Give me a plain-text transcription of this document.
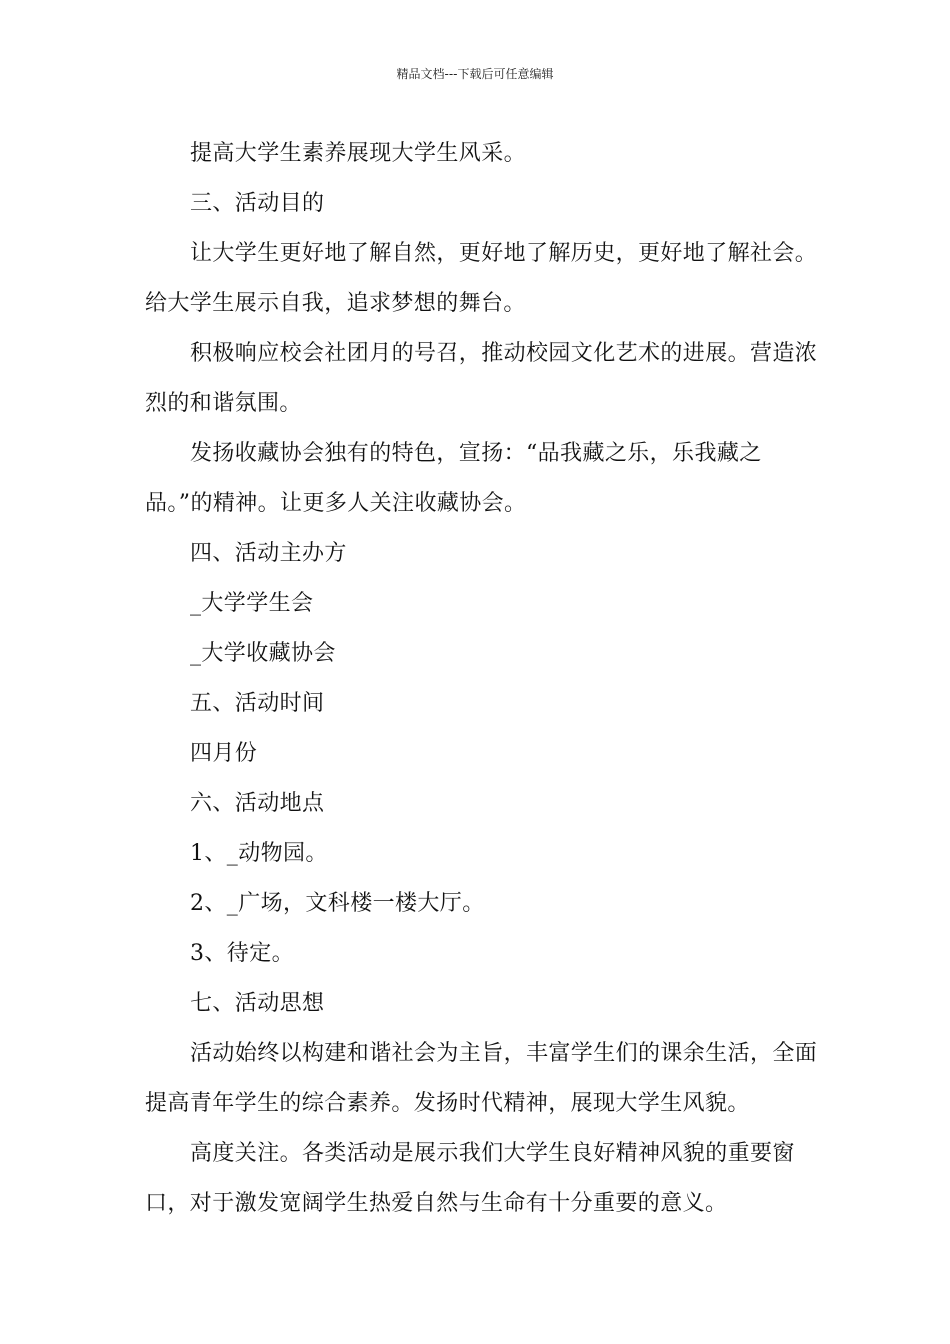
精品文档---下载后可任意编辑

提高大学生素养展现大学生风采。

三、活动目的

让大学生更好地了解自然，更好地了解历史，更好地了解社会。给大学生展示自我，追求梦想的舞台。

积极响应校会社团月的号召，推动校园文化艺术的进展。营造浓烈的和谐氛围。

发扬收藏协会独有的特色，宣扬：“品我藏之乐，乐我藏之品。”的精神。让更多人关注收藏协会。

四、活动主办方

_大学学生会

_大学收藏协会

五、活动时间

四月份

六、活动地点

1、_动物园。

2、_广场，文科楼一楼大厅。

3、待定。

七、活动思想

活动始终以构建和谐社会为主旨，丰富学生们的课余生活，全面提高青年学生的综合素养。发扬时代精神，展现大学生风貌。

高度关注。各类活动是展示我们大学生良好精神风貌的重要窗口，对于激发宽阔学生热爱自然与生命有十分重要的意义。
